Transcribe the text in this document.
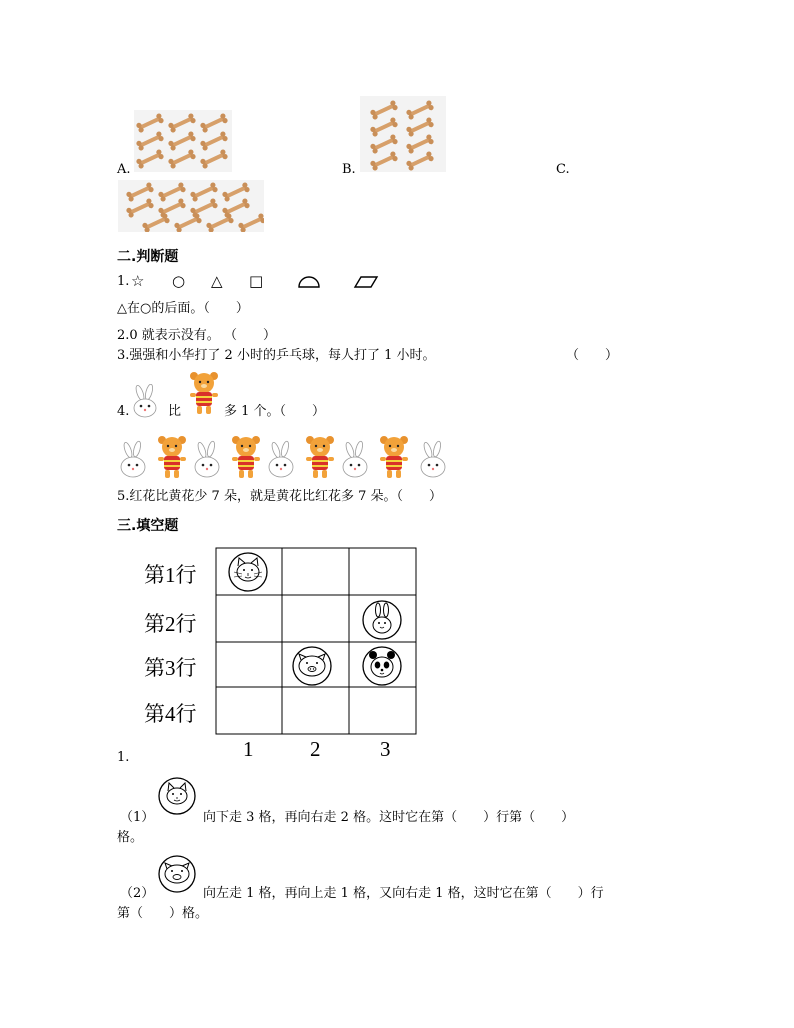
A.	B.	C.
二.判断题
1. ☆ ○ △ □
△在○的后面。（　　）
2.0 就表示没有。 （　　）
3.强强和小华打了 2 小时的乒乓球，每人打了 1 小时。	（　　）
4.	比	多 1 个。（　　）
5.红花比黄花少 7 朵，就是黄花比红花多 7 朵。（　　）
三.填空题
第1行
第2行
第3行
第4行
1	2	3
1.
（1）	向下走 3 格，再向右走 2 格。这时它在第（　　）行第（　　）
格。
（2）	向左走 1 格，再向上走 1 格，又向右走 1 格，这时它在第（　　）行
第（　　）格。
